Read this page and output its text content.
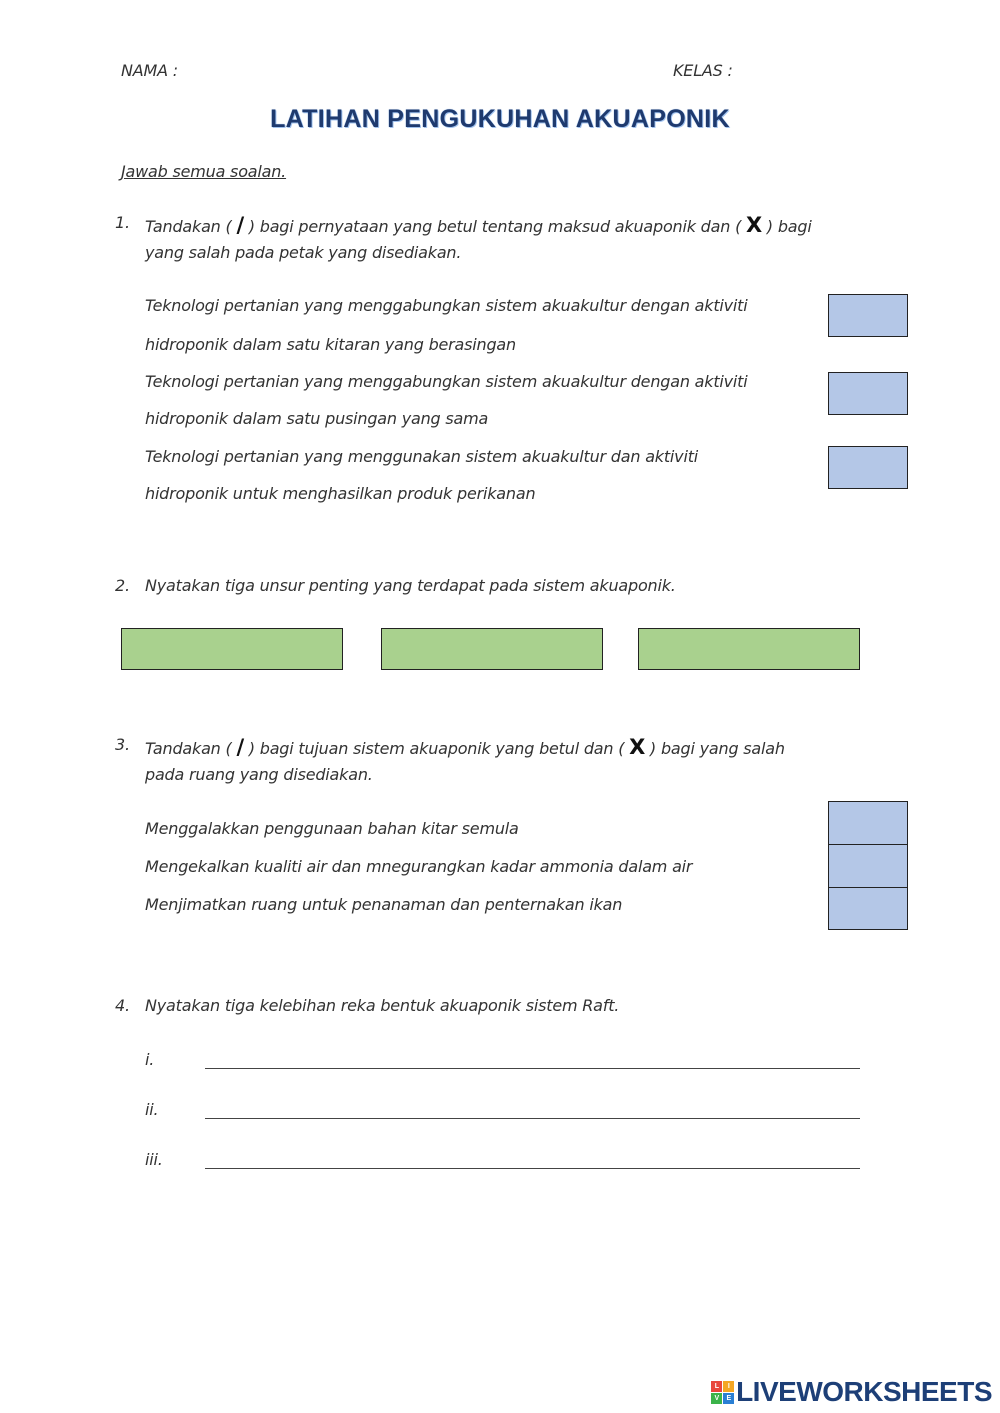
NAMA :	KELAS :
LATIHAN PENGUKUHAN AKUAPONIK
Jawab semua soalan.
1. Tandakan ( / ) bagi pernyataan yang betul tentang maksud akuaponik dan ( X ) bagi
yang salah pada petak yang disediakan.
Teknologi pertanian yang menggabungkan sistem akuakultur dengan aktiviti
hidroponik dalam satu kitaran yang berasingan
Teknologi pertanian yang menggabungkan sistem akuakultur dengan aktiviti
hidroponik dalam satu pusingan yang sama
Teknologi pertanian yang menggunakan sistem akuakultur dan aktiviti
hidroponik untuk menghasilkan produk perikanan
2. Nyatakan tiga unsur penting yang terdapat pada sistem akuaponik.
3. Tandakan ( / ) bagi tujuan sistem akuaponik yang betul dan ( X ) bagi yang salah
pada ruang yang disediakan.
Menggalakkan penggunaan bahan kitar semula
Mengekalkan kualiti air dan mnegurangkan kadar ammonia dalam air
Menjimatkan ruang untuk penanaman dan penternakan ikan
4. Nyatakan tiga kelebihan reka bentuk akuaponik sistem Raft.
i.
ii.
iii.
L	I
V	E LIVEWORKSHEETS
